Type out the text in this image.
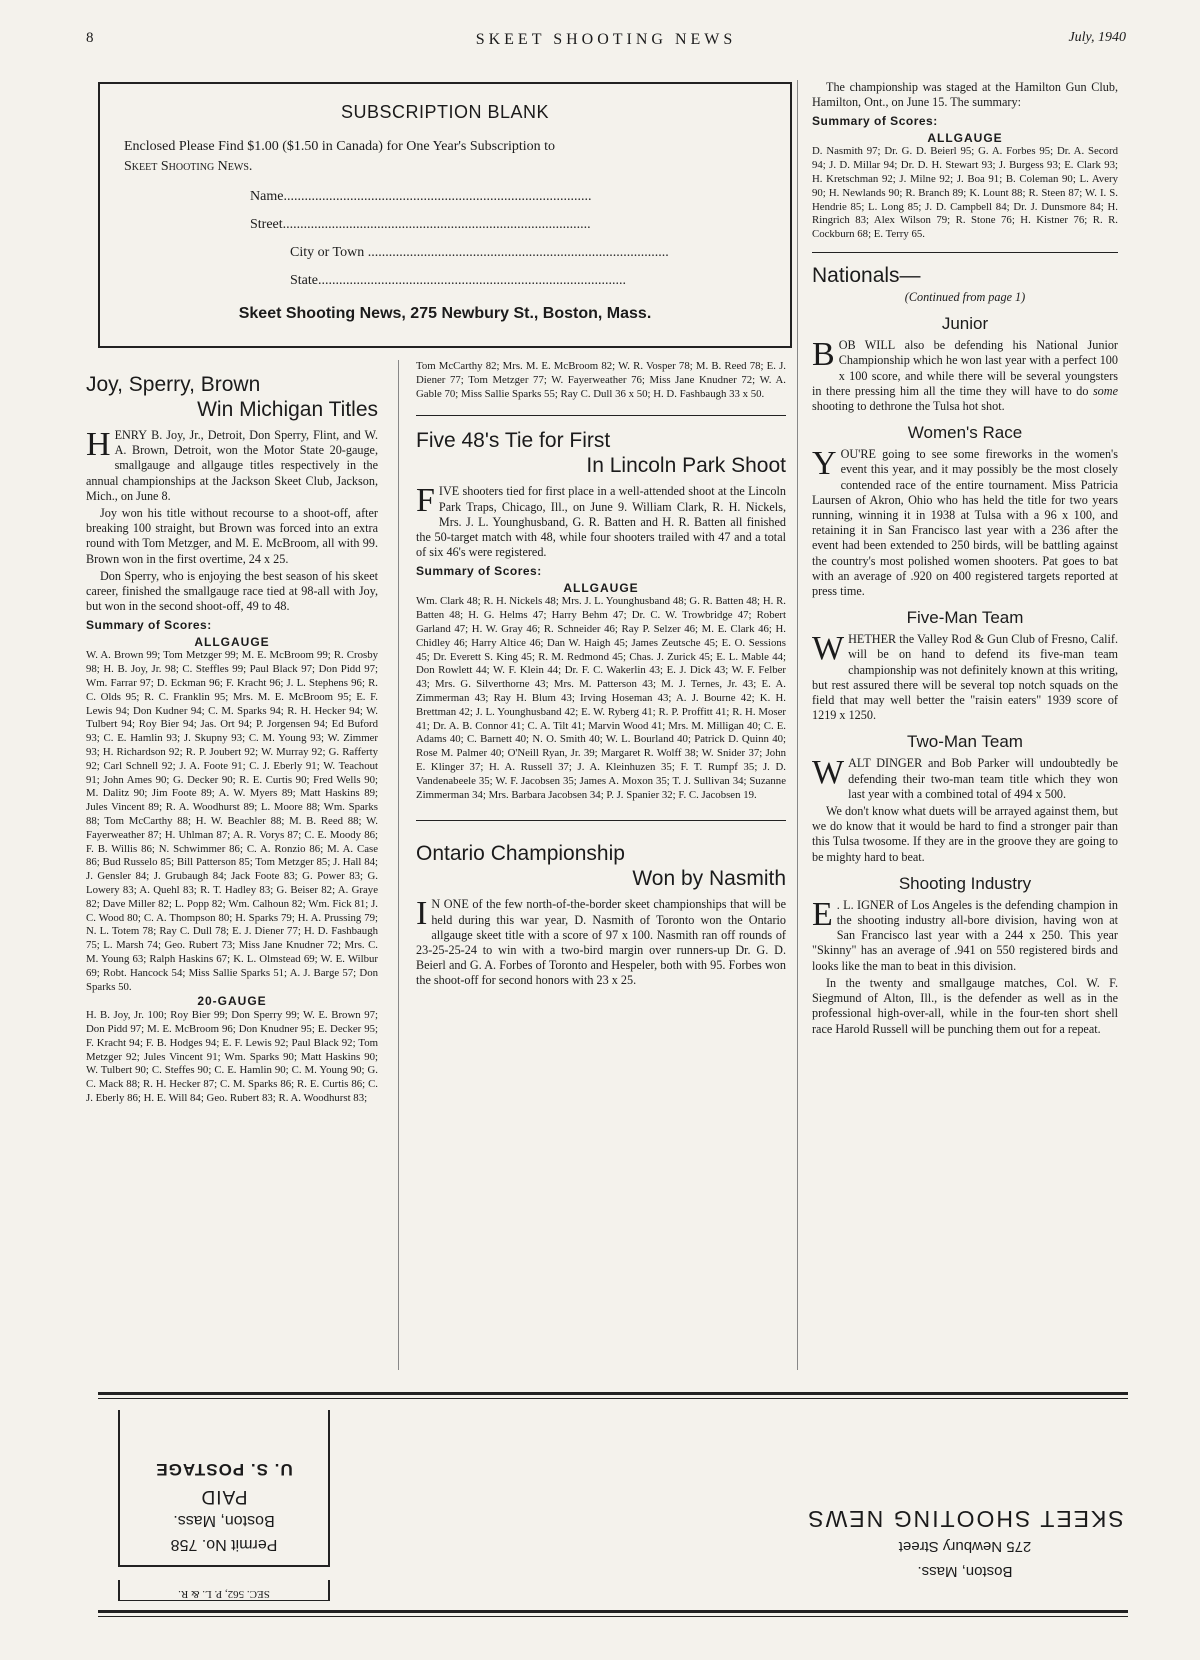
8	SKEET SHOOTING NEWS	July, 1940
SUBSCRIPTION BLANK
Enclosed Please Find $1.00 ($1.50 in Canada) for One Year's Subscription to
Skeet Shooting News.
Name........................................................................................
Street........................................................................................
City or Town ......................................................................................
State........................................................................................
Skeet Shooting News, 275 Newbury St., Boston, Mass.
Joy, Sperry, Brown
Win Michigan Titles

HENRY B. Joy, Jr., Detroit, Don Sperry, Flint, and W. A. Brown, Detroit, won the Motor State 20-gauge, smallgauge and allgauge titles respectively in the annual championships at the Jackson Skeet Club, Jackson, Mich., on June 8.

Joy won his title without recourse to a shoot-off, after breaking 100 straight, but Brown was forced into an extra round with Tom Metzger, and M. E. McBroom, all with 99. Brown won in the first overtime, 24 x 25.

Don Sperry, who is enjoying the best season of his skeet career, finished the smallgauge race tied at 98-all with Joy, but won in the second shoot-off, 49 to 48.

Summary of Scores:
ALLGAUGE

W. A. Brown 99; Tom Metzger 99; M. E. McBroom 99; R. Crosby 98; H. B. Joy, Jr. 98; C. Steffles 99; Paul Black 97; Don Pidd 97; Wm. Farrar 97; D. Eckman 96; F. Kracht 96; J. L. Stephens 96; R. C. Olds 95; R. C. Franklin 95; Mrs. M. E. McBroom 95; E. F. Lewis 94; Don Kudner 94; C. M. Sparks 94; R. H. Hecker 94; W. Tulbert 94; Roy Bier 94; Jas. Ort 94; P. Jorgensen 94; Ed Buford 93; C. E. Hamlin 93; J. Skupny 93; C. M. Young 93; W. Zimmer 93; H. Richardson 92; R. P. Joubert 92; W. Murray 92; G. Rafferty 92; Carl Schnell 92; J. A. Foote 91; C. J. Eberly 91; W. Teachout 91; John Ames 90; G. Decker 90; R. E. Curtis 90; Fred Wells 90; M. Dalitz 90; Jim Foote 89; A. W. Myers 89; Matt Haskins 89; Jules Vincent 89; R. A. Woodhurst 89; L. Moore 88; Wm. Sparks 88; Tom McCarthy 88; H. W. Beachler 88; M. B. Reed 88; W. Fayerweather 87; H. Uhlman 87; A. R. Vorys 87; C. E. Moody 86; F. B. Willis 86; N. Schwimmer 86; C. A. Ronzio 86; M. A. Case 86; Bud Russelo 85; Bill Patterson 85; Tom Metzger 85; J. Hall 84; J. Gensler 84; J. Grubaugh 84; Jack Foote 83; G. Power 83; G. Lowery 83; A. Quehl 83; R. T. Hadley 83; G. Beiser 82; A. Graye 82; Dave Miller 82; L. Popp 82; Wm. Calhoun 82; Wm. Fick 81; J. C. Wood 80; C. A. Thompson 80; H. Sparks 79; H. A. Prussing 79; N. L. Totem 78; Ray C. Dull 78; E. J. Diener 77; H. D. Fashbaugh 75; L. Marsh 74; Geo. Rubert 73; Miss Jane Knudner 72; Mrs. C. M. Young 63; Ralph Haskins 67; K. L. Olmstead 69; W. E. Wilbur 69; Robt. Hancock 54; Miss Sallie Sparks 51; A. J. Barge 57; Don Sparks 50.

20-GAUGE

H. B. Joy, Jr. 100; Roy Bier 99; Don Sperry 99; W. E. Brown 97; Don Pidd 97; M. E. McBroom 96; Don Knudner 95; E. Decker 95; F. Kracht 94; F. B. Hodges 94; E. F. Lewis 92; Paul Black 92; Tom Metzger 92; Jules Vincent 91; Wm. Sparks 90; Matt Haskins 90; W. Tulbert 90; C. Steffes 90; C. E. Hamlin 90; C. M. Young 90; G. C. Mack 88; R. H. Hecker 87; C. M. Sparks 86; R. E. Curtis 86; C. J. Eberly 86; H. E. Will 84; Geo. Rubert 83; R. A. Woodhurst 83;

Tom McCarthy 82; Mrs. M. E. McBroom 82; W. R. Vosper 78; M. B. Reed 78; E. J. Diener 77; Tom Metzger 77; W. Fayerweather 76; Miss Jane Knudner 72; W. A. Gable 70; Miss Sallie Sparks 55; Ray C. Dull 36 x 50; H. D. Fashbaugh 33 x 50.

Five 48's Tie for First
In Lincoln Park Shoot

FIVE shooters tied for first place in a well-attended shoot at the Lincoln Park Traps, Chicago, Ill., on June 9. William Clark, R. H. Nickels, Mrs. J. L. Younghusband, G. R. Batten and H. R. Batten all finished the 50-target match with 48, while four shooters trailed with 47 and a total of six 46's were registered.

Summary of Scores:
ALLGAUGE

Wm. Clark 48; R. H. Nickels 48; Mrs. J. L. Younghusband 48; G. R. Batten 48; H. R. Batten 48; H. G. Helms 47; Harry Behm 47; Dr. C. W. Trowbridge 47; Robert Garland 47; H. W. Gray 46; R. Schneider 46; Ray P. Selzer 46; M. E. Clark 46; H. Chidley 46; Harry Altice 46; Dan W. Haigh 45; James Zeutsche 45; E. O. Sessions 45; Dr. Everett S. King 45; R. M. Redmond 45; Chas. J. Zurick 45; E. L. Mable 44; Don Rowlett 44; W. F. Klein 44; Dr. F. C. Wakerlin 43; E. J. Dick 43; W. F. Felber 43; Mrs. G. Silverthorne 43; Mrs. M. Patterson 43; M. J. Ternes, Jr. 43; E. A. Zimmerman 43; Ray H. Blum 43; Irving Hoseman 43; A. J. Bourne 42; K. H. Brettman 42; J. L. Younghusband 42; E. W. Ryberg 41; R. P. Proffitt 41; R. H. Moser 41; Dr. A. B. Connor 41; C. A. Tilt 41; Marvin Wood 41; Mrs. M. Milligan 40; C. E. Adams 40; C. Barnett 40; N. O. Smith 40; W. L. Bourland 40; Patrick D. Quinn 40; Rose M. Palmer 40; O'Neill Ryan, Jr. 39; Margaret R. Wolff 38; W. Snider 37; John E. Klinger 37; H. A. Russell 37; J. A. Kleinhuzen 35; F. T. Rumpf 35; J. D. Vandenabeele 35; W. F. Jacobsen 35; James A. Moxon 35; T. J. Sullivan 34; Suzanne Zimmerman 34; Mrs. Barbara Jacobsen 34; P. J. Spanier 32; F. C. Jacobsen 19.

Ontario Championship
Won by Nasmith

I N ONE of the few north-of-the-border skeet championships that will be held during this war year, D. Nasmith of Toronto won the Ontario allgauge skeet title with a score of 97 x 100. Nasmith ran off rounds of 23-25-25-24 to win with a two-bird margin over runners-up Dr. G. D. Beierl and G. A. Forbes of Toronto and Hespeler, both with 95. Forbes won the shoot-off for second honors with 23 x 25.

The championship was staged at the Hamilton Gun Club, Hamilton, Ont., on June 15. The summary:

Summary of Scores:
ALLGAUGE

D. Nasmith 97; Dr. G. D. Beierl 95; G. A. Forbes 95; Dr. A. Secord 94; J. D. Millar 94; Dr. D. H. Stewart 93; J. Burgess 93; E. Clark 93; H. Kretschman 92; J. Milne 92; J. Boa 91; B. Coleman 90; L. Avery 90; H. Newlands 90; R. Branch 89; K. Lount 88; R. Steen 87; W. I. S. Hendrie 85; L. Long 85; J. D. Campbell 84; Dr. J. Dunsmore 84; H. Ringrich 83; Alex Wilson 79; R. Stone 76; H. Kistner 76; R. R. Cockburn 68; E. Terry 65.

Nationals—
(Continued from page 1)
Junior

BOB WILL also be defending his National Junior Championship which he won last year with a perfect 100 x 100 score, and while there will be several youngsters in there pressing him all the time they will have to do some shooting to dethrone the Tulsa hot shot.

Women's Race

YOU'RE going to see some fireworks in the women's event this year, and it may possibly be the most closely contended race of the entire tournament. Miss Patricia Laursen of Akron, Ohio who has held the title for two years running, winning it in 1938 at Tulsa with a 96 x 100, and retaining it in San Francisco last year with a 236 after the event had been extended to 250 birds, will be battling against the country's most polished women shooters. Pat goes to bat with an average of .920 on 400 registered targets reported at press time.

Five-Man Team

WHETHER the Valley Rod & Gun Club of Fresno, Calif. will be on hand to defend its five-man team championship was not definitely known at this writing, but rest assured there will be several top notch squads on the field that may well better the "raisin eaters" 1939 score of 1219 x 1250.

Two-Man Team

WALT DINGER and Bob Parker will undoubtedly be defending their two-man team title which they won last year with a combined total of 494 x 500.

We don't know what duets will be arrayed against them, but we do know that it would be hard to find a stronger pair than this Tulsa twosome. If they are in the groove they are going to be mighty hard to beat.

Shooting Industry

E . L. IGNER of Los Angeles is the defending champion in the shooting industry all-bore division, having won at San Francisco last year with a 244 x 250. This year "Skinny" has an average of .941 on 550 registered birds and looks like the man to beat in this division.

In the twenty and smallgauge matches, Col. W. F. Siegmund of Alton, Ill., is the defender as well as in the professional high-over-all, while in the four-ten short shell race Harold Russell will be punching them out for a repeat.

Permit No. 758
Boston, Mass.
PAID
U. S. POSTAGE
SEC. 562, P. L. & R.
Boston, Mass.
275 Newbury Street
SKEET SHOOTING NEWS
